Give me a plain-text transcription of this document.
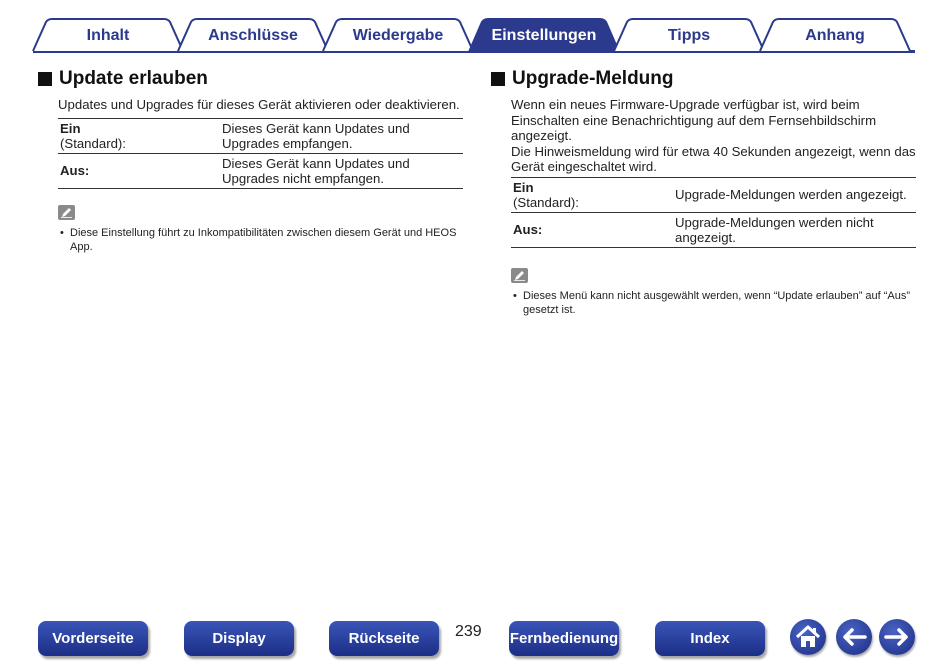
Inhalt	Anschlüsse	Wiedergabe	Einstellungen	Tipps	Anhang
Update erlauben

Updates und Upgrades für dieses Gerät aktivieren oder deaktivieren.

Ein
(Standard):	Dieses Gerät kann Updates und Upgrades empfangen.
Aus:	Dieses Gerät kann Updates und Upgrades nicht empfangen.
• Diese Einstellung führt zu Inkompatibilitäten zwischen diesem Gerät und HEOS App.
Upgrade-Meldung

Wenn ein neues Firmware-Upgrade verfügbar ist, wird beim Einschalten eine Benachrichtigung auf dem Fernsehbildschirm angezeigt.

Die Hinweismeldung wird für etwa 40 Sekunden angezeigt, wenn das Gerät eingeschaltet wird.

Ein
(Standard):	Upgrade-Meldungen werden angezeigt.
Aus:	Upgrade-Meldungen werden nicht angezeigt.
• Dieses Menü kann nicht ausgewählt werden, wenn “Update erlauben” auf “Aus” gesetzt ist.
Vorderseite	Display	Rückseite	239 Fernbedienung	Index
